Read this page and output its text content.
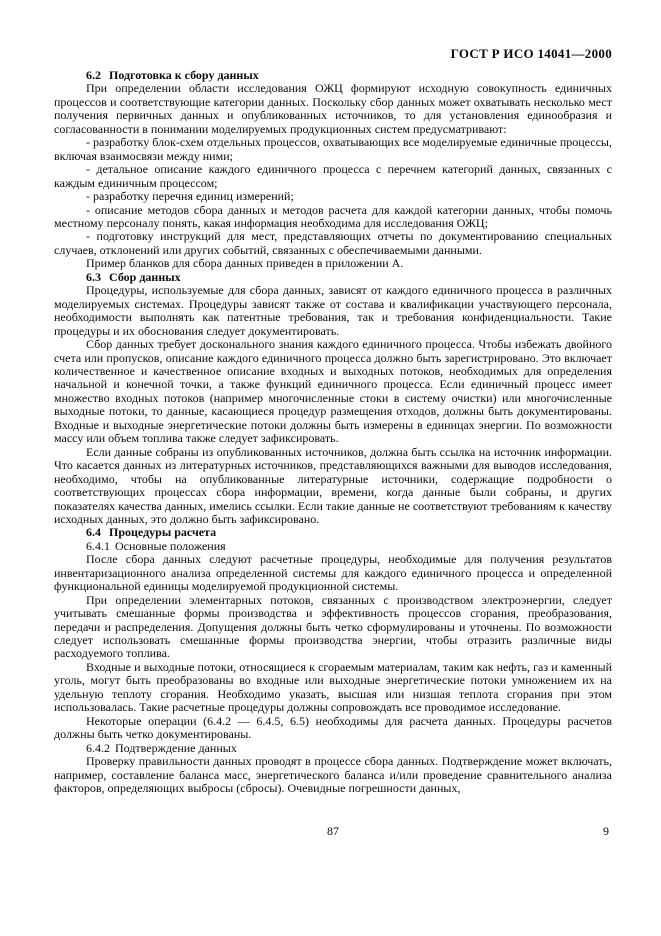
ГОСТ Р ИСО 14041—2000

6.2 Подготовка к сбору данных

При определении области исследования ОЖЦ формируют исходную совокупность единичных процессов и соответствующие категории данных. Поскольку сбор данных может охватывать несколько мест получения первичных данных и опубликованных источников, то для установления единообразия и согласованности в понимании моделируемых продукционных систем предусматривают:

- разработку блок-схем отдельных процессов, охватывающих все моделируемые единичные процессы, включая взаимосвязи между ними;

- детальное описание каждого единичного процесса с перечнем категорий данных, связанных с каждым единичным процессом;

- разработку перечня единиц измерений;

- описание методов сбора данных и методов расчета для каждой категории данных, чтобы помочь местному персоналу понять, какая информация необходима для исследования ОЖЦ;

- подготовку инструкций для мест, представляющих отчеты по документированию специальных случаев, отклонений или других событий, связанных с обеспечиваемыми данными.

Пример бланков для сбора данных приведен в приложении А.

6.3 Сбор данных

Процедуры, используемые для сбора данных, зависят от каждого единичного процесса в различных моделируемых системах. Процедуры зависят также от состава и квалификации участвующего персонала, необходимости выполнять как патентные требования, так и требования конфиденциальности. Такие процедуры и их обоснования следует документировать.

Сбор данных требует досконального знания каждого единичного процесса. Чтобы избежать двойного счета или пропусков, описание каждого единичного процесса должно быть зарегистрировано. Это включает количественное и качественное описание входных и выходных потоков, необходимых для определения начальной и конечной точки, а также функций единичного процесса. Если единичный процесс имеет множество входных потоков (например многочисленные стоки в систему очистки) или многочисленные выходные потоки, то данные, касающиеся процедур размещения отходов, должны быть документированы. Входные и выходные энергетические потоки должны быть измерены в единицах энергии. По возможности массу или объем топлива также следует зафиксировать.

Если данные собраны из опубликованных источников, должна быть ссылка на источник информации. Что касается данных из литературных источников, представляющихся важными для выводов исследования, необходимо, чтобы на опубликованные литературные источники, содержащие подробности о соответствующих процессах сбора информации, времени, когда данные были собраны, и других показателях качества данных, имелись ссылки. Если такие данные не соответствуют требованиям к качеству исходных данных, это должно быть зафиксировано.

6.4 Процедуры расчета

6.4.1 Основные положения

После сбора данных следуют расчетные процедуры, необходимые для получения результатов инвентаризационного анализа определенной системы для каждого единичного процесса и определенной функциональной единицы моделируемой продукционной системы.

При определении элементарных потоков, связанных с производством электроэнергии, следует учитывать смешанные формы производства и эффективность процессов сгорания, преобразования, передачи и распределения. Допущения должны быть четко сформулированы и уточнены. По возможности следует использовать смешанные формы производства энергии, чтобы отразить различные виды расходуемого топлива.

Входные и выходные потоки, относящиеся к сгораемым материалам, таким как нефть, газ и каменный уголь, могут быть преобразованы во входные или выходные энергетические потоки умножением их на удельную теплоту сгорания. Необходимо указать, высшая или низшая теплота сгорания при этом использовалась. Такие расчетные процедуры должны сопровождать все проводимое исследование.

Некоторые операции (6.4.2 — 6.4.5, 6.5) необходимы для расчета данных. Процедуры расчетов должны быть четко документированы.

6.4.2 Подтверждение данных

Проверку правильности данных проводят в процессе сбора данных. Подтверждение может включать, например, составление баланса масс, энергетического баланса и/или проведение сравнительного анализа факторов, определяющих выбросы (сбросы). Очевидные погрешности данных,

87	9
